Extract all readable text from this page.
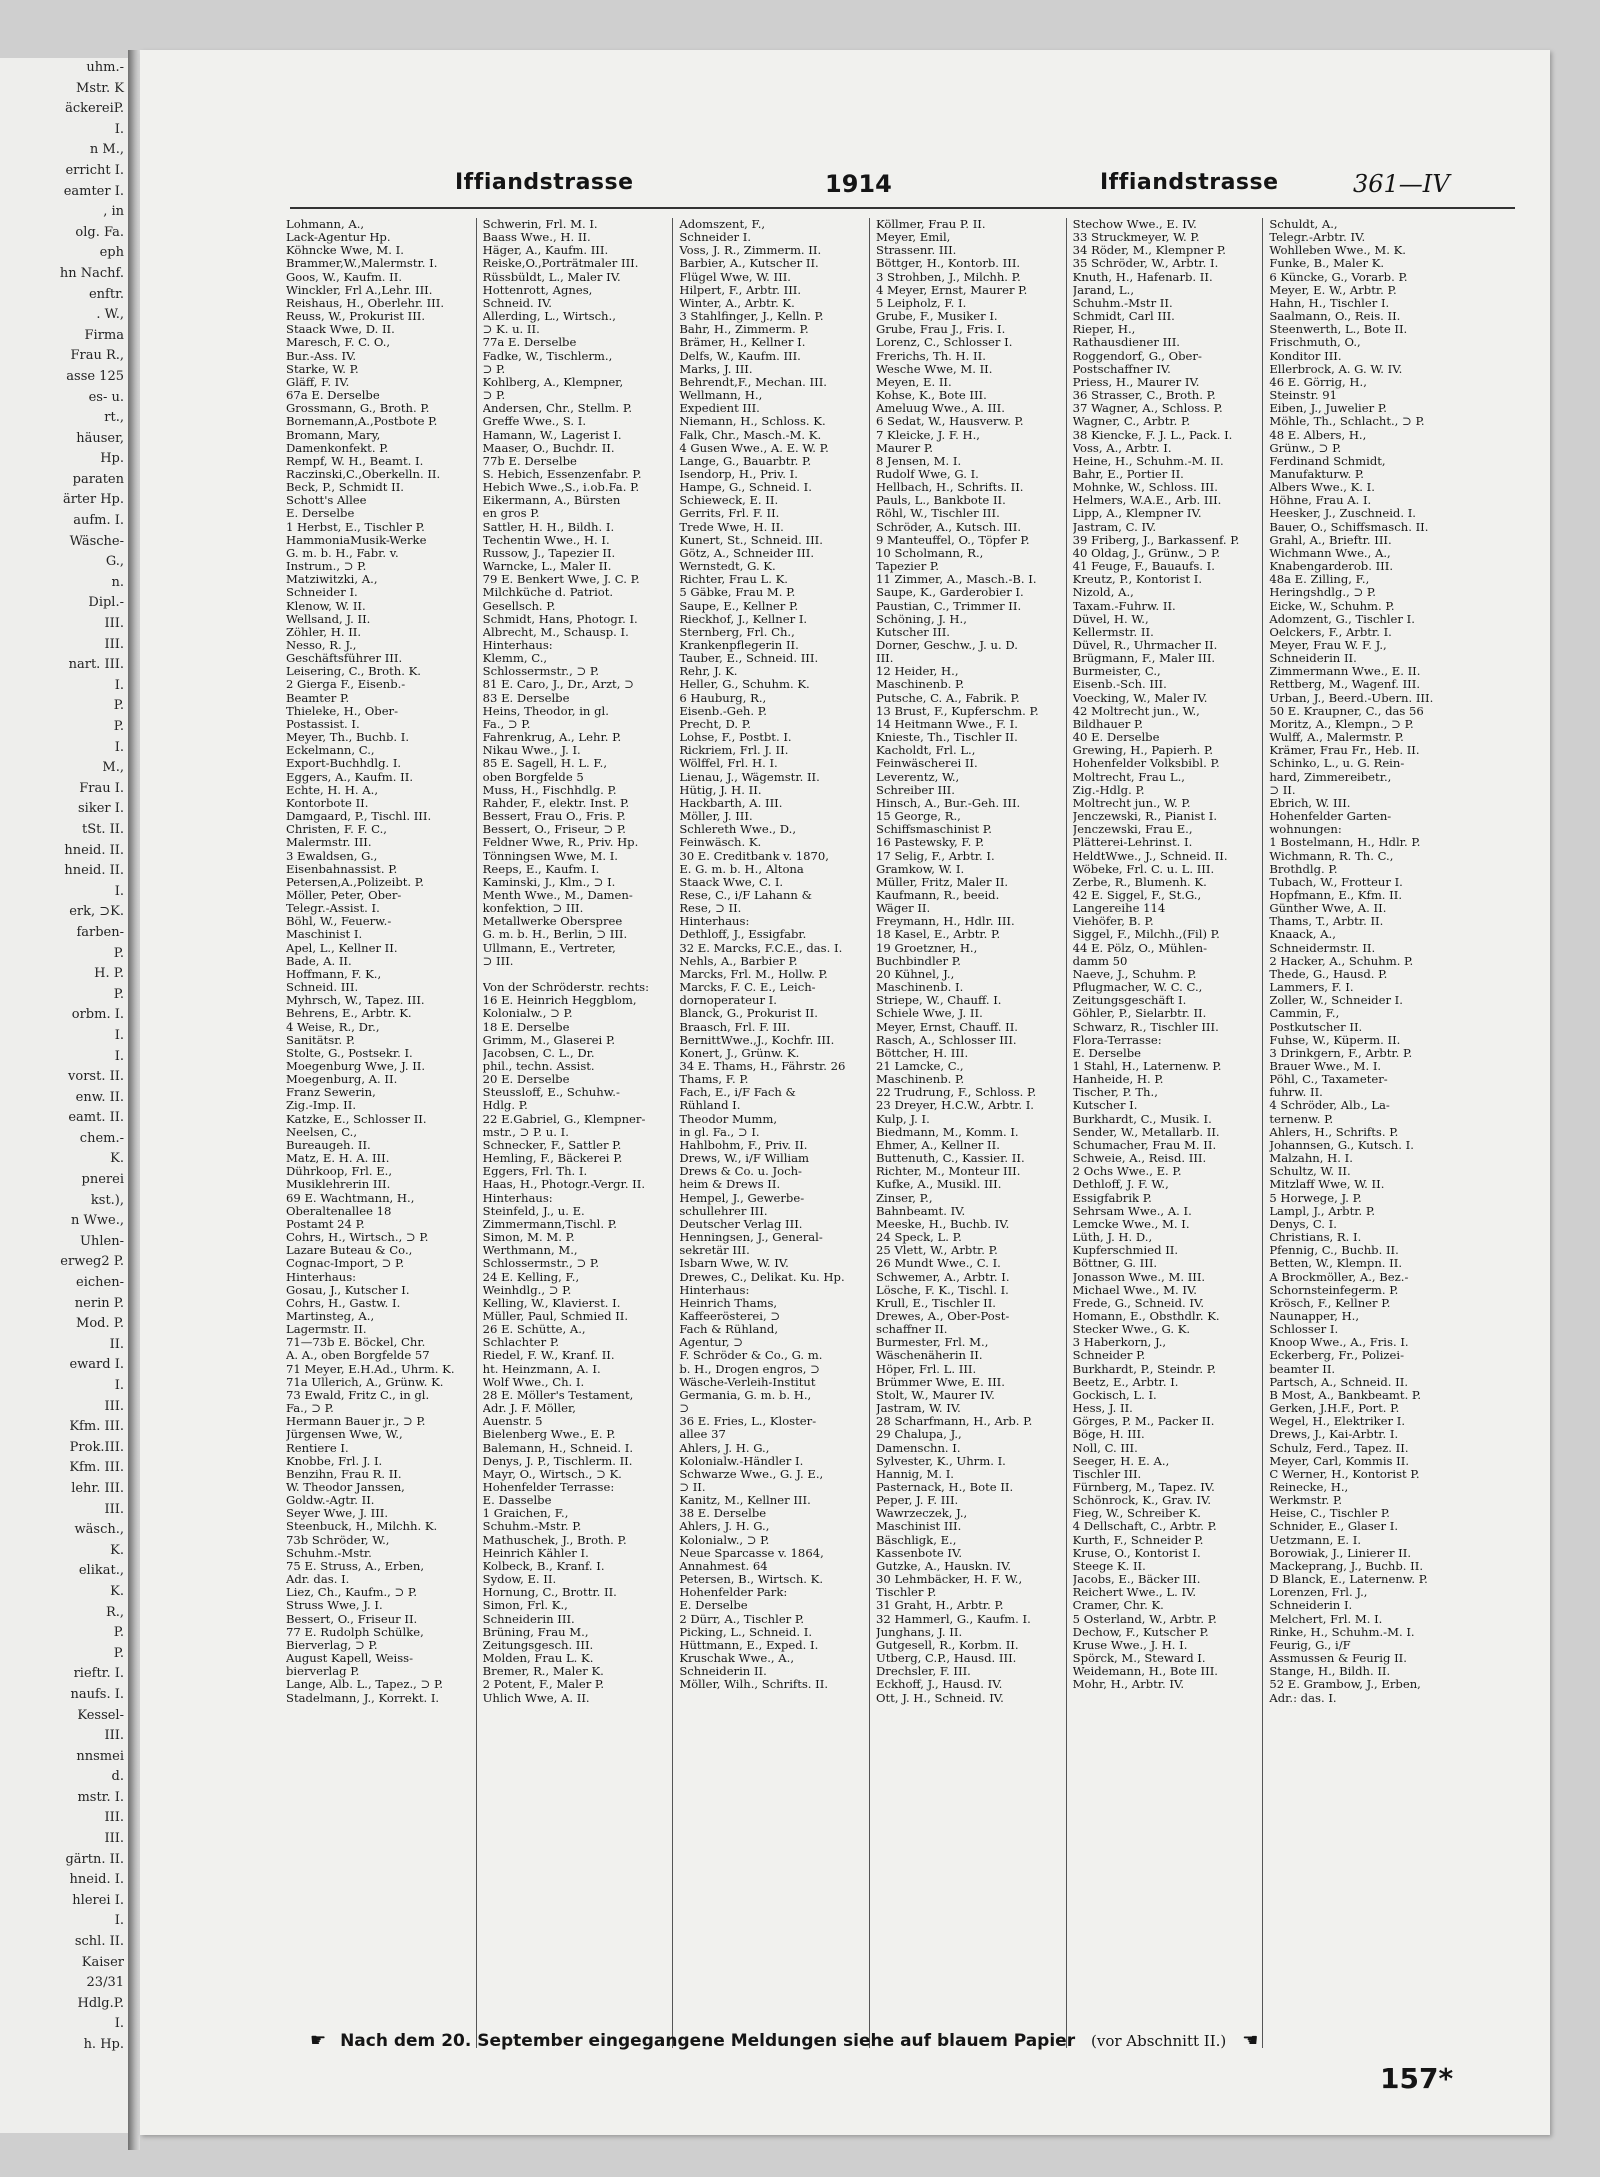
uhm.-
Mstr. K
äckereiP.
I.
n M.,
erricht I.
eamter I.
, in
olg. Fa.
eph
hn Nachf.
enftr.
. W.,
Firma
Frau R.,
asse 125
es- u.
rt.,
häuser,
Hp.
paraten
ärter Hp.
aufm. I.
Wäsche-
G.,
n.
Dipl.-
III.
III.
nart. III.
I.
P.
P.
I.
M.,
Frau I.
siker I.
tSt. II.
hneid. II.
hneid. II.
I.
erk, ⊃K.
farben-
P.
H. P.
P.
orbm. I.
I.
I.
vorst. II.
enw. II.
eamt. II.
chem.-
K.
pnerei
kst.),
n Wwe.,
Uhlen-
erweg2 P.
eichen-
nerin P.
Mod. P.
II.
eward I.
I.
III.
Kfm. III.
Prok.III.
Kfm. III.
lehr. III.
III.
wäsch.,
K.
elikat.,
K.
R.,
P.
P.
rieftr. I.
naufs. I.
Kessel-
III.
nnsmei
d.
mstr. I.
III.
III.
gärtn. II.
hneid. I.
hlerei I.
I.
schl. II.
Kaiser
23/31
Hdlg.P.
I.
h. Hp.
Iffiandstrasse	1914	Iffiandstrasse	361—IV
Lohmann, A.,
Lack-Agentur Hp.
Köhncke Wwe, M. I.
Brammer,W.,Malermstr. I.
Goos, W., Kaufm. II.
Winckler, Frl A.,Lehr. III.
Reishaus, H., Oberlehr. III.
Reuss, W., Prokurist III.
Staack Wwe, D. II.
Maresch, F. C. O.,
Bur.-Ass. IV.
Starke, W. P.
Gläff, F. IV.
67a E. Derselbe
Grossmann, G., Broth. P.
Bornemann,A.,Postbote P.
Bromann, Mary,
Damenkonfekt. P.
Rempf, W. H., Beamt. I.
Raczinski,C.,Oberkelln. II.
Beck, P., Schmidt II.
Schott's Allee
E. Derselbe
1 Herbst, E., Tischler P.
HammoniaMusik-Werke
G. m. b. H., Fabr. v.
Instrum., ⊃ P.
Matziwitzki, A.,
Schneider I.
Klenow, W. II.
Wellsand, J. II.
Zöhler, H. II.
Nesso, R. J.,
Geschäftsführer III.
Leisering, C., Broth. K.
2 Gierga F., Eisenb.-
Beamter P.
Thieleke, H., Ober-
Postassist. I.
Meyer, Th., Buchb. I.
Eckelmann, C.,
Export-Buchhdlg. I.
Eggers, A., Kaufm. II.
Echte, H. H. A.,
Kontorbote II.
Damgaard, P., Tischl. III.
Christen, F. F. C.,
Malermstr. III.
3 Ewaldsen, G.,
Eisenbahnassist. P.
Petersen,A.,Polizeibt. P.
Möller, Peter, Ober-
Telegr.-Assist. I.
Böhl, W., Feuerw.-
Maschinist I.
Apel, L., Kellner II.
Bade, A. II.
Hoffmann, F. K.,
Schneid. III.
Myhrsch, W., Tapez. III.
Behrens, E., Arbtr. K.
4 Weise, R., Dr.,
Sanitätsr. P.
Stolte, G., Postsekr. I.
Moegenburg Wwe, J. II.
Moegenburg, A. II.
Franz Sewerin,
Zig.-Imp. II.
Katzke, E., Schlosser II.
Neelsen, C.,
Bureaugeh. II.
Matz, E. H. A. III.
Dührkoop, Frl. E.,
Musiklehrerin III.
69 E. Wachtmann, H.,
Oberaltenallee 18
Postamt 24 P.
Cohrs, H., Wirtsch., ⊃ P.
Lazare Buteau & Co.,
Cognac-Import, ⊃ P.
Hinterhaus:
Gosau, J., Kutscher I.
Cohrs, H., Gastw. I.
Martinsteg, A.,
Lagermstr. II.
71—73b E. Böckel, Chr.
A. A., oben Borgfelde 57
71 Meyer, E.H.Ad., Uhrm. K.
71a Ullerich, A., Grünw. K.
73 Ewald, Fritz C., in gl.
Fa., ⊃ P.
Hermann Bauer jr., ⊃ P.
Jürgensen Wwe, W.,
Rentiere I.
Knobbe, Frl. J. I.
Benzihn, Frau R. II.
W. Theodor Janssen,
Goldw.-Agtr. II.
Seyer Wwe, J. III.
Steenbuck, H., Milchh. K.
73b Schröder, W.,
Schuhm.-Mstr.
75 E. Struss, A., Erben,
Adr. das. I.
Liez, Ch., Kaufm., ⊃ P.
Struss Wwe, J. I.
Bessert, O., Friseur II.
77 E. Rudolph Schülke,
Bierverlag, ⊃ P.
August Kapell, Weiss-
bierverlag P.
Lange, Alb. L., Tapez., ⊃ P.
Stadelmann, J., Korrekt. I.
Schwerin, Frl. M. I.
Baass Wwe., H. II.
Häger, A., Kaufm. III.
Reiske,O.,Porträtmaler III.
Rüssbüldt, L., Maler IV.
Hottenrott, Agnes,
Schneid. IV.
Allerding, L., Wirtsch.,
⊃ K. u. II.
77a E. Derselbe
Fadke, W., Tischlerm.,
⊃ P.
Kohlberg, A., Klempner,
⊃ P.
Andersen, Chr., Stellm. P.
Greffe Wwe., S. I.
Hamann, W., Lagerist I.
Maaser, O., Buchdr. II.
77b E. Derselbe
S. Hebich, Essenzenfabr. P.
Hebich Wwe.,S., i.ob.Fa. P.
Eikermann, A., Bürsten
en gros P.
Sattler, H. H., Bildh. I.
Techentin Wwe., H. I.
Russow, J., Tapezier II.
Warncke, L., Maler II.
79 E. Benkert Wwe, J. C. P.
Milchküche d. Patriot.
Gesellsch. P.
Schmidt, Hans, Photogr. I.
Albrecht, M., Schausp. I.
Hinterhaus:
Klemm, C.,
Schlossermstr., ⊃ P.
81 E. Caro, J., Dr., Arzt, ⊃
83 E. Derselbe
Heins, Theodor, in gl.
Fa., ⊃ P.
Fahrenkrug, A., Lehr. P.
Nikau Wwe., J. I.
85 E. Sagell, H. L. F.,
oben Borgfelde 5
Muss, H., Fischhdlg. P.
Rahder, F., elektr. Inst. P.
Bessert, Frau O., Fris. P.
Bessert, O., Friseur, ⊃ P.
Feldner Wwe, R., Priv. Hp.
Tönningsen Wwe, M. I.
Reeps, E., Kaufm. I.
Kaminski, J., Klm., ⊃ I.
Menth Wwe., M., Damen-
konfektion, ⊃ III.
Metallwerke Oberspree
G. m. b. H., Berlin, ⊃ III.
Ullmann, E., Vertreter,
⊃ III.

Von der Schröderstr. rechts:
16 E. Heinrich Heggblom,
Kolonialw., ⊃ P.
18 E. Derselbe
Grimm, M., Glaserei P.
Jacobsen, C. L., Dr.
phil., techn. Assist.
20 E. Derselbe
Steussloff, E., Schuhw.-
Hdlg. P.
22 E.Gabriel, G., Klempner-
mstr., ⊃ P. u. I.
Schnecker, F., Sattler P.
Hemling, F., Bäckerei P.
Eggers, Frl. Th. I.
Haas, H., Photogr.-Vergr. II.
Hinterhaus:
Steinfeld, J., u. E.
Zimmermann,Tischl. P.
Simon, M. M. P.
Werthmann, M.,
Schlossermstr., ⊃ P.
24 E. Kelling, F.,
Weinhdlg., ⊃ P.
Kelling, W., Klavierst. I.
Müller, Paul, Schmied II.
26 E. Schütte, A.,
Schlachter P.
Riedel, F. W., Kranf. II.
ht. Heinzmann, A. I.
Wolf Wwe., Ch. I.
28 E. Möller's Testament,
Adr. J. F. Möller,
Auenstr. 5
Bielenberg Wwe., E. P.
Balemann, H., Schneid. I.
Denys, J. P., Tischlerm. II.
Mayr, O., Wirtsch., ⊃ K.
Hohenfelder Terrasse:
E. Dasselbe
1 Graichen, F.,
Schuhm.-Mstr. P.
Mathuschek, J., Broth. P.
Heinrich Kähler I.
Kolbeck, B., Kranf. I.
Sydow, E. II.
Hornung, C., Brottr. II.
Simon, Frl. K.,
Schneiderin III.
Brüning, Frau M.,
Zeitungsgesch. III.
Molden, Frau L. K.
Bremer, R., Maler K.
2 Potent, F., Maler P.
Uhlich Wwe, A. II.
Adomszent, F.,
Schneider I.
Voss, J. R., Zimmerm. II.
Barbier, A., Kutscher II.
Flügel Wwe, W. III.
Hilpert, F., Arbtr. III.
Winter, A., Arbtr. K.
3 Stahlfinger, J., Kelln. P.
Bahr, H., Zimmerm. P.
Brämer, H., Kellner I.
Delfs, W., Kaufm. III.
Marks, J. III.
Behrendt,F., Mechan. III.
Wellmann, H.,
Expedient III.
Niemann, H., Schloss. K.
Falk, Chr., Masch.-M. K.
4 Gusen Wwe., A. E. W. P.
Lange, G., Bauarbtr. P.
Isendorp, H., Priv. I.
Hampe, G., Schneid. I.
Schieweck, E. II.
Gerrits, Frl. F. II.
Trede Wwe, H. II.
Kunert, St., Schneid. III.
Götz, A., Schneider III.
Wernstedt, G. K.
Richter, Frau L. K.
5 Gäbke, Frau M. P.
Saupe, E., Kellner P.
Rieckhof, J., Kellner I.
Sternberg, Frl. Ch.,
Krankenpflegerin II.
Tauber, E., Schneid. III.
Rehr, J. K.
Heller, G., Schuhm. K.
6 Hauburg, R.,
Eisenb.-Geh. P.
Precht, D. P.
Lohse, F., Postbt. I.
Rickriem, Frl. J. II.
Wölffel, Frl. H. I.
Lienau, J., Wägemstr. II.
Hütig, J. H. II.
Hackbarth, A. III.
Möller, J. III.
Schlereth Wwe., D.,
Feinwäsch. K.
30 E. Creditbank v. 1870,
E. G. m. b. H., Altona
Staack Wwe, C. I.
Rese, C., i/F Lahann &
Rese, ⊃ II.
Hinterhaus:
Dethloff, J., Essigfabr.
32 E. Marcks, F.C.E., das. I.
Nehls, A., Barbier P.
Marcks, Frl. M., Hollw. P.
Marcks, F. C. E., Leich-
dornoperateur I.
Blanck, G., Prokurist II.
Braasch, Frl. F. III.
BernittWwe.,J., Kochfr. III.
Konert, J., Grünw. K.
34 E. Thams, H., Fährstr. 26
Thams, F. P.
Fach, E., i/F Fach &
Rühland I.
Theodor Mumm,
in gl. Fa., ⊃ I.
Hahlbohm, F., Priv. II.
Drews, W., i/F William
Drews & Co. u. Joch-
heim & Drews II.
Hempel, J., Gewerbe-
schullehrer III.
Deutscher Verlag III.
Henningsen, J., General-
sekretär III.
Isbarn Wwe, W. IV.
Drewes, C., Delikat. Ku. Hp.
Hinterhaus:
Heinrich Thams,
Kaffeerösterei, ⊃
Fach & Rühland,
Agentur, ⊃
F. Schröder & Co., G. m.
b. H., Drogen engros, ⊃
Wäsche-Verleih-Institut
Germania, G. m. b. H.,
⊃
36 E. Fries, L., Kloster-
allee 37
Ahlers, J. H. G.,
Kolonialw.-Händler I.
Schwarze Wwe., G. J. E.,
⊃ II.
Kanitz, M., Kellner III.
38 E. Derselbe
Ahlers, J. H. G.,
Kolonialw., ⊃ P.
Neue Sparcasse v. 1864,
Annahmest. 64
Petersen, B., Wirtsch. K.
Hohenfelder Park:
E. Derselbe
2 Dürr, A., Tischler P.
Picking, L., Schneid. I.
Hüttmann, E., Exped. I.
Kruschak Wwe., A.,
Schneiderin II.
Möller, Wilh., Schrifts. II.
Köllmer, Frau P. II.
Meyer, Emil,
Strassenr. III.
Böttger, H., Kontorb. III.
3 Strohben, J., Milchh. P.
4 Meyer, Ernst, Maurer P.
5 Leipholz, F. I.
Grube, F., Musiker I.
Grube, Frau J., Fris. I.
Lorenz, C., Schlosser I.
Frerichs, Th. H. II.
Wesche Wwe, M. II.
Meyen, E. II.
Kohse, K., Bote III.
Ameluug Wwe., A. III.
6 Sedat, W., Hausverw. P.
7 Kleicke, J. F. H.,
Maurer P.
8 Jensen, M. I.
Rudolf Wwe, G. I.
Hellbach, H., Schrifts. II.
Pauls, L., Bankbote II.
Röhl, W., Tischler III.
Schröder, A., Kutsch. III.
9 Manteuffel, O., Töpfer P.
10 Scholmann, R.,
Tapezier P.
11 Zimmer, A., Masch.-B. I.
Saupe, K., Garderobier I.
Paustian, C., Trimmer II.
Schöning, J. H.,
Kutscher III.
Dorner, Geschw., J. u. D.
III.
12 Heider, H.,
Maschinenb. P.
Putsche, C. A., Fabrik. P.
13 Brust, F., Kupferschm. P.
14 Heitmann Wwe., F. I.
Knieste, Th., Tischler II.
Kacholdt, Frl. L.,
Feinwäscherei II.
Leverentz, W.,
Schreiber III.
Hinsch, A., Bur.-Geh. III.
15 George, R.,
Schiffsmaschinist P.
16 Pastewsky, F. P.
17 Selig, F., Arbtr. I.
Gramkow, W. I.
Müller, Fritz, Maler II.
Kaufmann, R., beeid.
Wäger II.
Freymann, H., Hdlr. III.
18 Kasel, E., Arbtr. P.
19 Groetzner, H.,
Buchbindler P.
20 Kühnel, J.,
Maschinenb. I.
Striepe, W., Chauff. I.
Schiele Wwe, J. II.
Meyer, Ernst, Chauff. II.
Rasch, A., Schlosser III.
Böttcher, H. III.
21 Lamcke, C.,
Maschinenb. P.
22 Trudrung, F., Schloss. P.
23 Dreyer, H.C.W., Arbtr. I.
Kulp, J. I.
Biedmann, M., Komm. I.
Ehmer, A., Kellner II.
Buttenuth, C., Kassier. II.
Richter, M., Monteur III.
Kufke, A., Musikl. III.
Zinser, P.,
Bahnbeamt. IV.
Meeske, H., Buchb. IV.
24 Speck, L. P.
25 Vlett, W., Arbtr. P.
26 Mundt Wwe., C. I.
Schwemer, A., Arbtr. I.
Lösche, F. K., Tischl. I.
Krull, E., Tischler II.
Drewes, A., Ober-Post-
schaffner II.
Burmester, Frl. M.,
Wäschenäherin II.
Höper, Frl. L. III.
Brümmer Wwe, E. III.
Stolt, W., Maurer IV.
Jastram, W. IV.
28 Scharfmann, H., Arb. P.
29 Chalupa, J.,
Damenschn. I.
Sylvester, K., Uhrm. I.
Hannig, M. I.
Pasternack, H., Bote II.
Peper, J. F. III.
Wawrzeczek, J.,
Maschinist III.
Bäschligk, E.,
Kassenbote IV.
Gutzke, A., Hauskn. IV.
30 Lehmbäcker, H. F. W.,
Tischler P.
31 Graht, H., Arbtr. P.
32 Hammerl, G., Kaufm. I.
Junghans, J. II.
Gutgesell, R., Korbm. II.
Utberg, C.P., Hausd. III.
Drechsler, F. III.
Eckhoff, J., Hausd. IV.
Ott, J. H., Schneid. IV.
Stechow Wwe., E. IV.
33 Struckmeyer, W. P.
34 Röder, M., Klempner P.
35 Schröder, W., Arbtr. I.
Knuth, H., Hafenarb. II.
Jarand, L.,
Schuhm.-Mstr II.
Schmidt, Carl III.
Rieper, H.,
Rathausdiener III.
Roggendorf, G., Ober-
Postschaffner IV.
Priess, H., Maurer IV.
36 Strasser, C., Broth. P.
37 Wagner, A., Schloss. P.
Wagner, C., Arbtr. P.
38 Kiencke, F. J. L., Pack. I.
Voss, A., Arbtr. I.
Heine, H., Schuhm.-M. II.
Bahr, E., Portier II.
Mohnke, W., Schloss. III.
Helmers, W.A.E., Arb. III.
Lipp, A., Klempner IV.
Jastram, C. IV.
39 Friberg, J., Barkassenf. P.
40 Oldag, J., Grünw., ⊃ P.
41 Feuge, F., Bauaufs. I.
Kreutz, P., Kontorist I.
Nizold, A.,
Taxam.-Fuhrw. II.
Düvel, H. W.,
Kellermstr. II.
Düvel, R., Uhrmacher II.
Brügmann, F., Maler III.
Burmeister, C.,
Eisenb.-Sch. III.
Voecking, W., Maler IV.
42 Moltrecht jun., W.,
Bildhauer P.
40 E. Derselbe
Grewing, H., Papierh. P.
Hohenfelder Volksbibl. P.
Moltrecht, Frau L.,
Zig.-Hdlg. P.
Moltrecht jun., W. P.
Jenczewski, R., Pianist I.
Jenczewski, Frau E.,
Plätterei-Lehrinst. I.
HeldtWwe., J., Schneid. II.
Wöbeke, Frl. C. u. L. III.
Zerbe, R., Blumenh. K.
42 E. Siggel, F., St.G.,
Langereihe 114
Viehöfer, B. P.
Siggel, F., Milchh.,(Fil) P.
44 E. Pölz, O., Mühlen-
damm 50
Naeve, J., Schuhm. P.
Pflugmacher, W. C. C.,
Zeitungsgeschäft I.
Göhler, P., Sielarbtr. II.
Schwarz, R., Tischler III.
Flora-Terrasse:
E. Derselbe
1 Stahl, H., Laternenw. P.
Hanheide, H. P.
Tischer, P. Th.,
Kutscher I.
Burkhardt, C., Musik. I.
Sender, W., Metallarb. II.
Schumacher, Frau M. II.
Schweie, A., Reisd. III.
2 Ochs Wwe., E. P.
Dethloff, J. F. W.,
Essigfabrik P.
Sehrsam Wwe., A. I.
Lemcke Wwe., M. I.
Lüth, J. H. D.,
Kupferschmied II.
Böttner, G. III.
Jonasson Wwe., M. III.
Michael Wwe., M. IV.
Frede, G., Schneid. IV.
Homann, E., Obsthdlr. K.
Stecker Wwe., G. K.
3 Haberkorn, J.,
Schneider P.
Burkhardt, P., Steindr. P.
Beetz, E., Arbtr. I.
Gockisch, L. I.
Hess, J. II.
Görges, P. M., Packer II.
Böge, H. III.
Noll, C. III.
Seeger, H. E. A.,
Tischler III.
Fürnberg, M., Tapez. IV.
Schönrock, K., Grav. IV.
Fieg, W., Schreiber K.
4 Dellschaft, C., Arbtr. P.
Kurth, F., Schneider P.
Kruse, O., Kontorist I.
Steege K. II.
Jacobs, E., Bäcker III.
Reichert Wwe., L. IV.
Cramer, Chr. K.
5 Osterland, W., Arbtr. P.
Dechow, F., Kutscher P.
Kruse Wwe., J. H. I.
Spörck, M., Steward I.
Weidemann, H., Bote III.
Mohr, H., Arbtr. IV.
Schuldt, A.,
Telegr.-Arbtr. IV.
Wohlleben Wwe., M. K.
Funke, B., Maler K.
6 Küncke, G., Vorarb. P.
Meyer, E. W., Arbtr. P.
Hahn, H., Tischler I.
Saalmann, O., Reis. II.
Steenwerth, L., Bote II.
Frischmuth, O.,
Konditor III.
Ellerbrock, A. G. W. IV.
46 E. Görrig, H.,
Steinstr. 91
Eiben, J., Juwelier P.
Möhle, Th., Schlacht., ⊃ P.
48 E. Albers, H.,
Grünw., ⊃ P.
Ferdinand Schmidt,
Manufakturw. P.
Albers Wwe., K. I.
Höhne, Frau A. I.
Heesker, J., Zuschneid. I.
Bauer, O., Schiffsmasch. II.
Grahl, A., Brieftr. III.
Wichmann Wwe., A.,
Knabengarderob. III.
48a E. Zilling, F.,
Heringshdlg., ⊃ P.
Eicke, W., Schuhm. P.
Adomzent, G., Tischler I.
Oelckers, F., Arbtr. I.
Meyer, Frau W. F. J.,
Schneiderin II.
Zimmermann Wwe., E. II.
Rettberg, M., Wagenf. III.
Urban, J., Beerd.-Ubern. III.
50 E. Kraupner, C., das 56
Moritz, A., Klempn., ⊃ P.
Wulff, A., Malermstr. P.
Krämer, Frau Fr., Heb. II.
Schinko, L., u. G. Rein-
hard, Zimmereibetr.,
⊃ II.
Ebrich, W. III.
Hohenfelder Garten-
wohnungen:
1 Bostelmann, H., Hdlr. P.
Wichmann, R. Th. C.,
Brothdlg. P.
Tubach, W., Frotteur I.
Hopfmann, E., Kfm. II.
Günther Wwe, A. II.
Thams, T., Arbtr. II.
Knaack, A.,
Schneidermstr. II.
2 Hacker, A., Schuhm. P.
Thede, G., Hausd. P.
Lammers, F. I.
Zoller, W., Schneider I.
Cammin, F.,
Postkutscher II.
Fuhse, W., Küperm. II.
3 Drinkgern, F., Arbtr. P.
Brauer Wwe., M. I.
Pöhl, C., Taxameter-
fuhrw. II.
4 Schröder, Alb., La-
ternenw. P.
Ahlers, H., Schrifts. P.
Johannsen, G., Kutsch. I.
Malzahn, H. I.
Schultz, W. II.
Mitzlaff Wwe, W. II.
5 Horwege, J. P.
Lampl, J., Arbtr. P.
Denys, C. I.
Christians, R. I.
Pfennig, C., Buchb. II.
Betten, W., Klempn. II.
A Brockmöller, A., Bez.-
Schornsteinfegerm. P.
Krösch, F., Kellner P.
Naunapper, H.,
Schlosser I.
Knoop Wwe., A., Fris. I.
Eckerberg, Fr., Polizei-
beamter II.
Partsch, A., Schneid. II.
B Most, A., Bankbeamt. P.
Gerken, J.H.F., Port. P.
Wegel, H., Elektriker I.
Drews, J., Kai-Arbtr. I.
Schulz, Ferd., Tapez. II.
Meyer, Carl, Kommis II.
C Werner, H., Kontorist P.
Reinecke, H.,
Werkmstr. P.
Heise, C., Tischler P.
Schnider, E., Glaser I.
Uetzmann, E. I.
Borowiak, J., Linierer II.
Mackeprang, J., Buchb. II.
D Blanck, E., Laternenw. P.
Lorenzen, Frl. J.,
Schneiderin I.
Melchert, Frl. M. I.
Rinke, H., Schuhm.-M. I.
Feurig, G., i/F
Assmussen & Feurig II.
Stange, H., Bildh. II.
52 E. Grambow, J., Erben,
Adr.: das. I.
☛ Nach dem 20. September eingegangene Meldungen siehe auf blauem Papier (vor Abschnitt II.) ☚
157*
